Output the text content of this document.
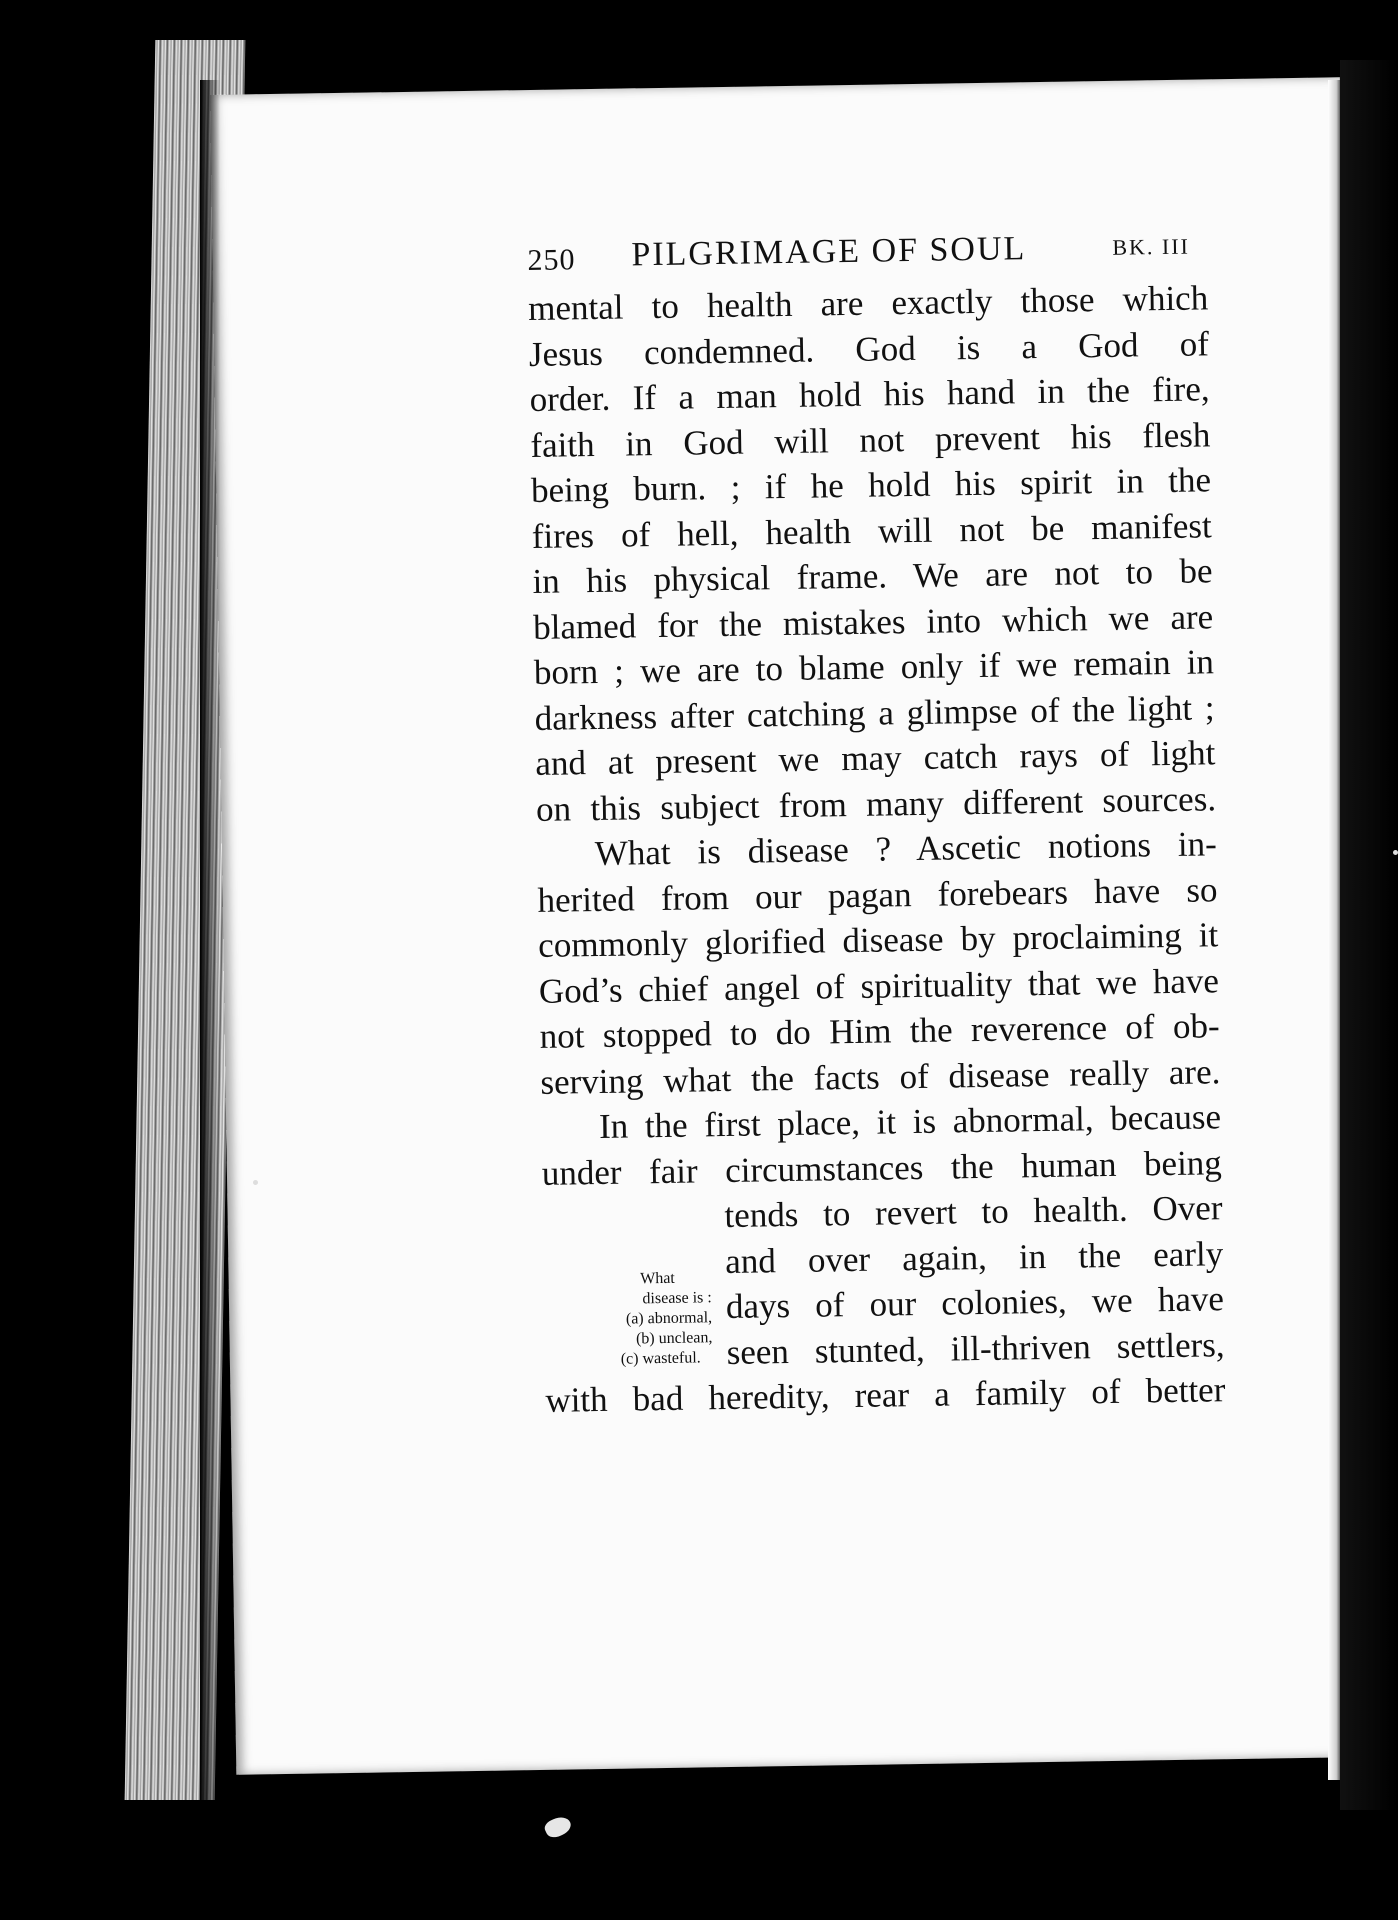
250 PILGRIMAGE OF SOUL	BK. III
mental to health are exactly those which
Jesus condemned. God is a God of
order. If a man hold his hand in the fire,
faith in God will not prevent his flesh
being burn. ; if he hold his spirit in the
fires of hell, health will not be manifest
in his physical frame. We are not to be
blamed for the mistakes into which we are
born ; we are to blame only if we remain in
darkness after catching a glimpse of the light ;
and at present we may catch rays of light
on this subject from many different sources.
What is disease ? Ascetic notions in-
herited from our pagan forebears have so
commonly glorified disease by proclaiming it
God’s chief angel of spirituality that we have
not stopped to do Him the reverence of ob-
serving what the facts of disease really are.
In the first place, it is abnormal, because
under fair circumstances the human being
tends to revert to health. Over
and over again, in the early
days of our colonies, we have
seen stunted, ill-thriven settlers,
with bad heredity, rear a family of better
What
disease is :
(a) abnormal,
(b) unclean,
(c) wasteful.
